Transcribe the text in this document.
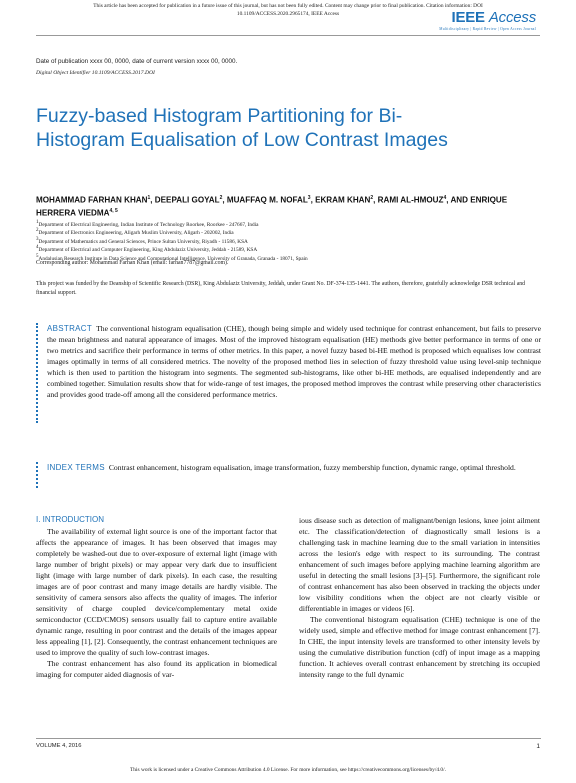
This article has been accepted for publication in a future issue of this journal, but has not been fully edited. Content may change prior to final publication. Citation information: DOI
10.1109/ACCESS.2020.2965174, IEEE Access	IEEE Access
Multidisciplinary | Rapid Review | Open Access Journal
Date of publication xxxx 00, 0000, date of current version xxxx 00, 0000.
Digital Object Identifier 10.1109/ACCESS.2017.DOI
Fuzzy-based Histogram Partitioning for Bi-Histogram Equalisation of Low Contrast Images
MOHAMMAD FARHAN KHAN$^1$, DEEPALI GOYAL$^2$, MUAFFAQ M. NOFAL$^3$, EKRAM KHAN$^2$, RAMI AL-HMOUZ$^4$, AND ENRIQUE HERRERA VIEDMA$^{4, 5}$
$^1$Department of Electrical Engineering, Indian Institute of Technology Roorkee, Roorkee - 247667, India
$^2$Department of Electronics Engineering, Aligarh Muslim University, Aligarh - 202002, India
$^3$Department of Mathematics and General Sciences, Prince Sultan University, Riyadh - 11586, KSA
$^4$Department of Electrical and Computer Engineering, King Abdulaziz University, Jeddah - 21589, KSA
$^5$Andalusian Research Institute in Data Science and Computational Intelligence, University of Granada, Granada - 18071, Spain
Corresponding author: Mohammad Farhan Khan (email: farhan7787@gmail.com).
This project was funded by the Deanship of Scientific Research (DSR), King Abdulaziz University, Jeddah, under Grant No. DF-374-135-1441. The authors, therefore, gratefully acknowledge DSR technical and financial support.
ABSTRACT The conventional histogram equalisation (CHE), though being simple and widely used technique for contrast enhancement, but fails to preserve the mean brightness and natural appearance of images. Most of the improved histogram equalisation (HE) methods give better performance in terms of one or two metrics and sacrifice their performance in terms of other metrics. In this paper, a novel fuzzy based bi-HE method is proposed which equalises low contrast images optimally in terms of all considered metrics. The novelty of the proposed method lies in selection of fuzzy threshold value using level-snip technique which is then used to partition the histogram into segments. The segmented sub-histograms, like other bi-HE methods, are equalised independently and are combined together. Simulation results show that for wide-range of test images, the proposed method improves the contrast while preserving other characteristics and provides good trade-off among all the considered performance metrics.
INDEX TERMS Contrast enhancement, histogram equalisation, image transformation, fuzzy membership function, dynamic range, optimal threshold.
I. INTRODUCTION

The availability of external light source is one of the important factor that affects the appearance of images. It has been observed that images may completely be washed-out due to over-exposure of external light (image with large number of bright pixels) or may appear very dark due to insufficient light (image with large number of dark pixels). In each case, the resulting images are of poor contrast and many image details are hardly visible. The sensitivity of camera sensors also affects the quality of images. The inferior sensitivity of charge coupled device/complementary metal oxide semiconductor (CCD/CMOS) sensors usually fail to capture entire available dynamic range, resulting in poor contrast and the details of the images appear less appealing [1], [2]. Consequently, the contrast enhancement techniques are used to improve the quality of such low-contrast images.

The contrast enhancement has also found its application in biomedical imaging for computer aided diagnosis of var-

ious disease such as detection of malignant/benign lesions, knee joint ailment etc. The classification/detection of diagnostically small lesions is a challenging task in machine learning due to the small variation in intensities across the lesion's edge with respect to its surrounding. The contrast enhancement of such images before applying machine learning algorithm are useful in detecting the small lesions [3]–[5]. Furthermore, the significant role of contrast enhancement has also been observed in tracking the objects under low visibility conditions when the object are not clearly visible or differentiable in images or videos [6].

The conventional histogram equalisation (CHE) technique is one of the widely used, simple and effective method for image contrast enhancement [7]. In CHE, the input intensity levels are transformed to other intensity levels by using the cumulative distribution function (cdf) of input image as a mapping function. It achieves overall contrast enhancement by stretching its occupied intensity range to the full dynamic

VOLUME 4, 2016	1
This work is licensed under a Creative Commons Attribution 4.0 License. For more information, see https://creativecommons.org/licenses/by/4.0/.
